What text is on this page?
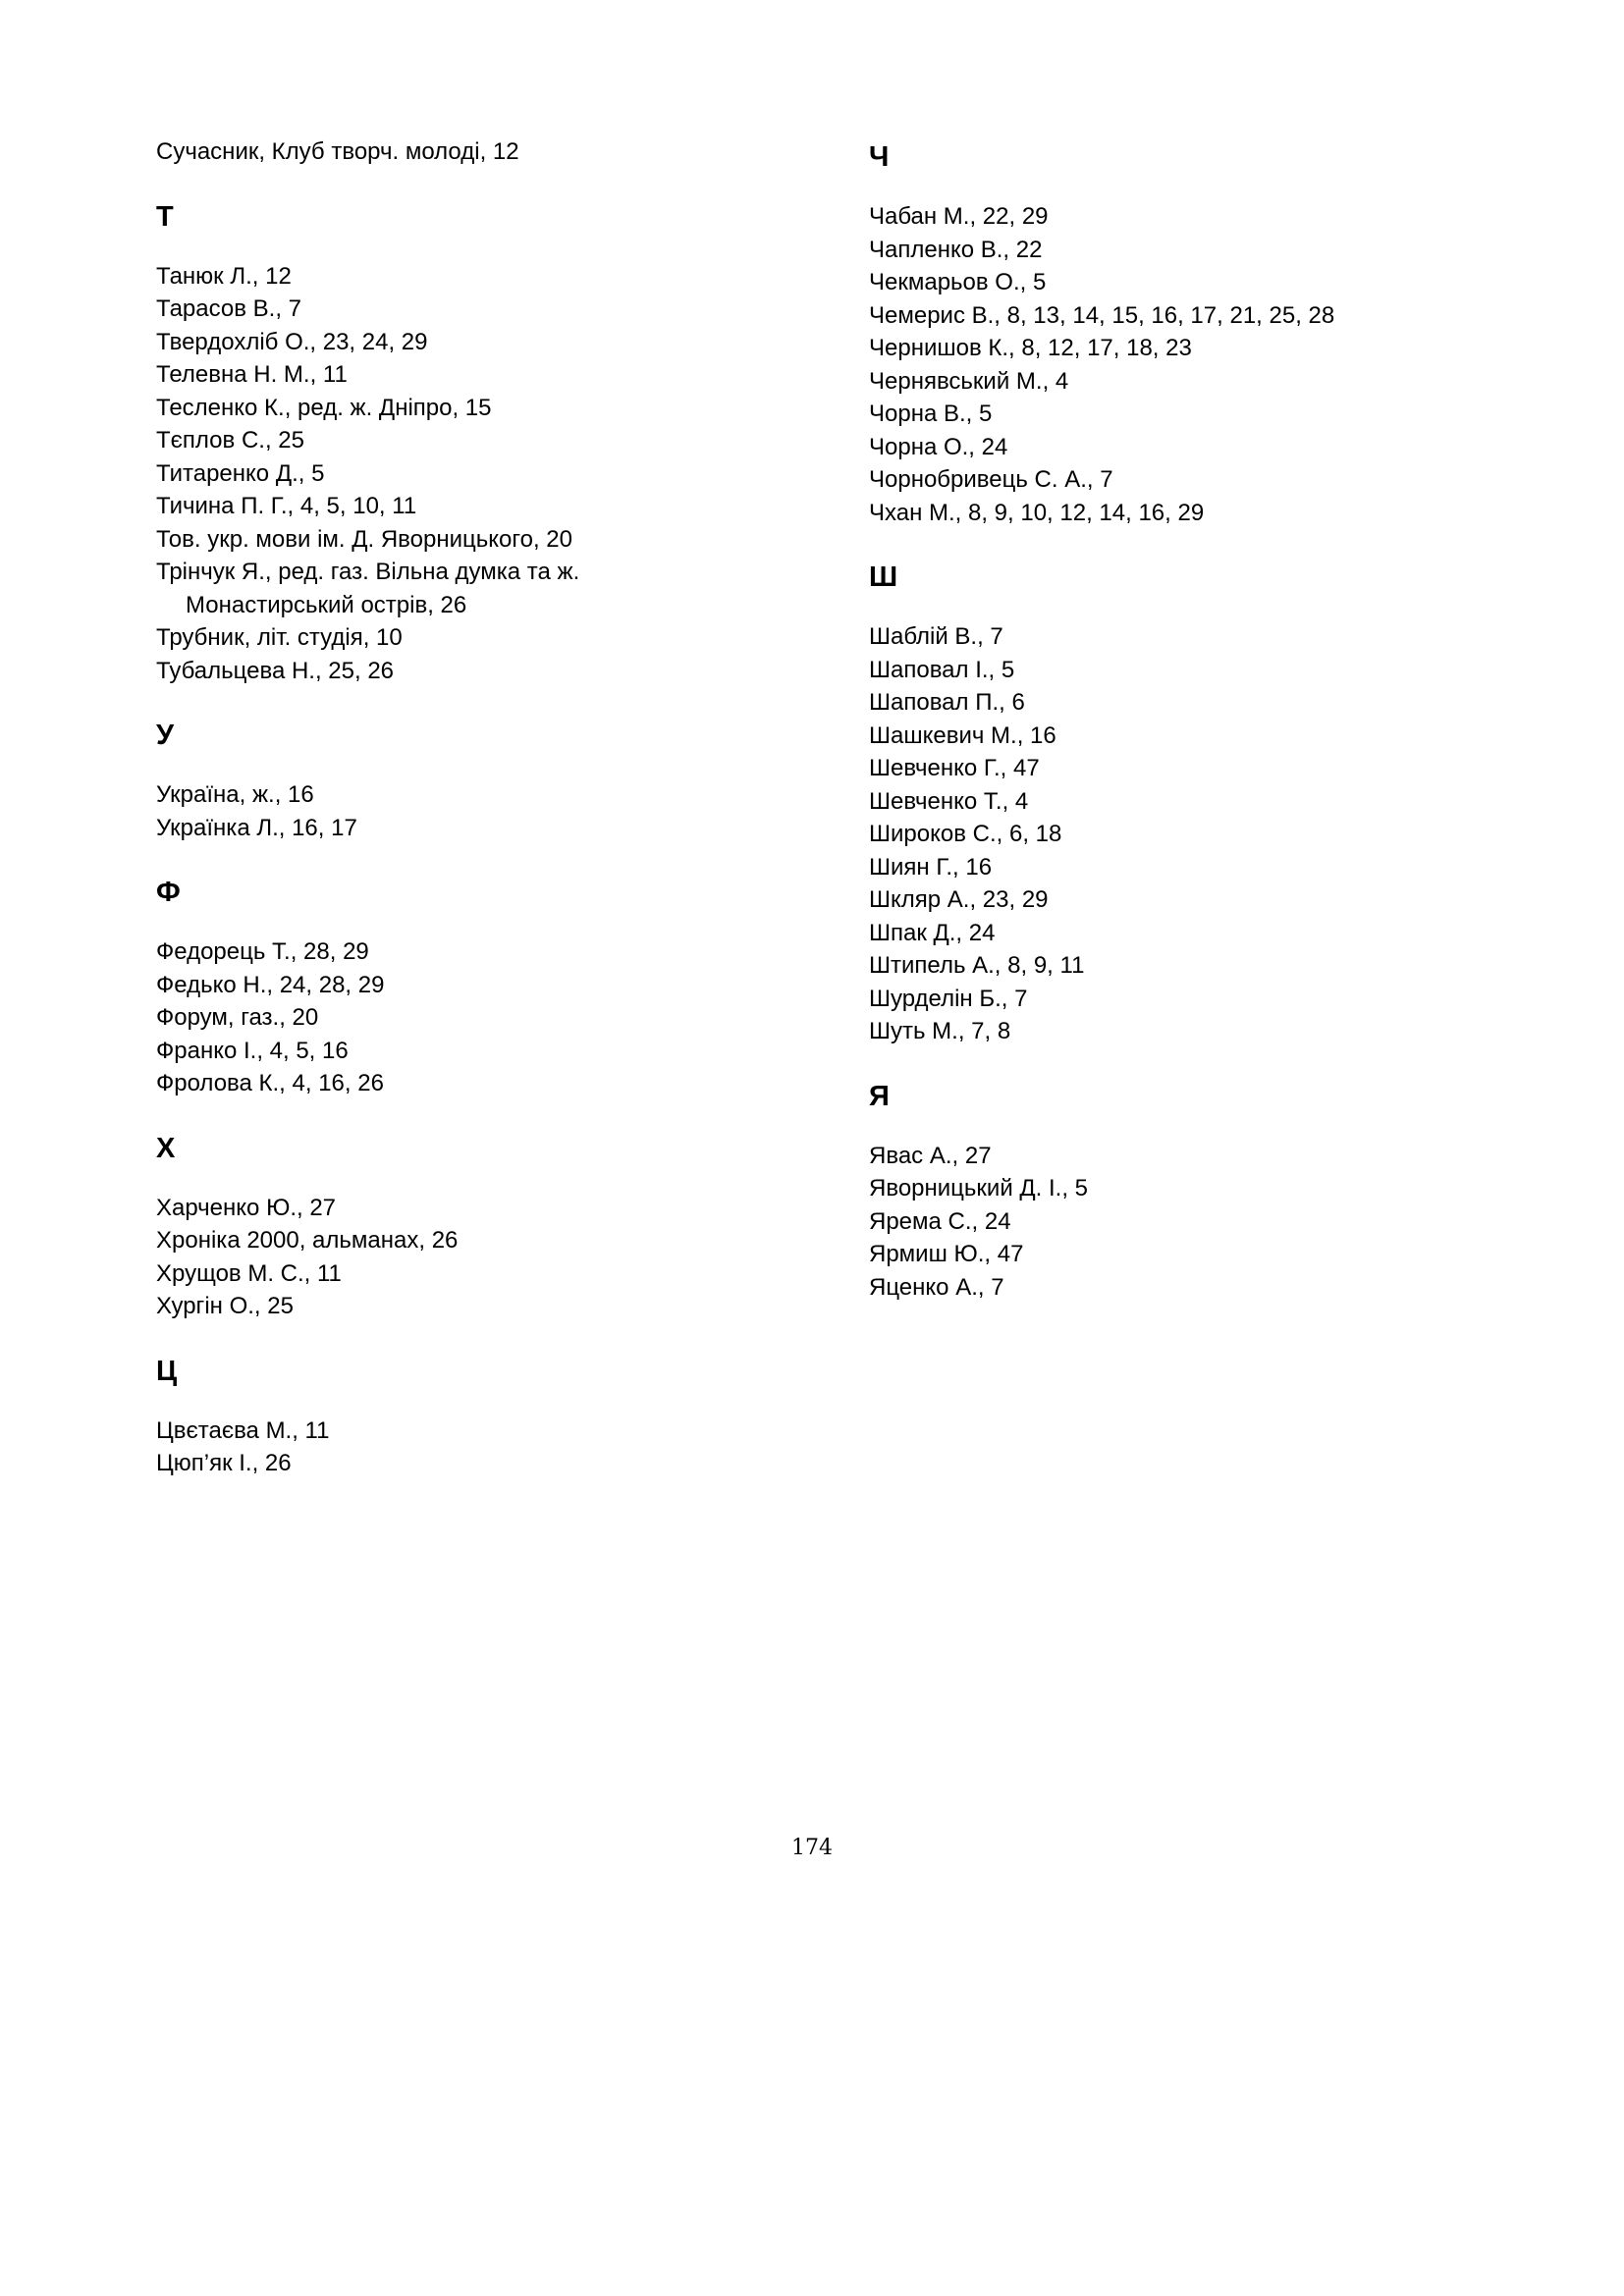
Сучасник, Клуб творч. молоді, 12
Т
Танюк Л., 12
Тарасов В., 7
Твердохліб О., 23, 24, 29
Телевна Н. М., 11
Тесленко К., ред. ж. Дніпро, 15
Тєплов С., 25
Титаренко Д., 5
Тичина П. Г., 4, 5, 10, 11
Тов. укр. мови ім. Д. Яворницького, 20
Трінчук Я., ред. газ. Вільна думка та ж. Монастирський острів, 26
Трубник, літ. студія, 10
Тубальцева Н., 25, 26
У
Україна, ж., 16
Українка Л., 16, 17
Ф
Федорець Т., 28, 29
Федько Н., 24, 28, 29
Форум, газ., 20
Франко І., 4, 5, 16
Фролова К., 4, 16, 26
Х
Харченко Ю., 27
Хроніка 2000, альманах, 26
Хрущов М. С., 11
Хургін О., 25
Ц
Цвєтаєва М., 11
Цюп’як І., 26
Ч
Чабан М., 22, 29
Чапленко В., 22
Чекмарьов О., 5
Чемерис В., 8, 13, 14, 15, 16, 17, 21, 25, 28
Чернишов К., 8, 12, 17, 18, 23
Чернявський М., 4
Чорна В., 5
Чорна О., 24
Чорнобривець С. А., 7
Чхан М., 8, 9, 10, 12, 14, 16, 29
Ш
Шаблій В., 7
Шаповал І., 5
Шаповал П., 6
Шашкевич М., 16
Шевченко Г., 47
Шевченко Т., 4
Широков С., 6, 18
Шиян Г., 16
Шкляр А., 23, 29
Шпак Д., 24
Штипель А., 8, 9, 11
Шурделін Б., 7
Шуть М., 7, 8
Я
Явас А., 27
Яворницький Д. І., 5
Ярема С., 24
Ярмиш Ю., 47
Яценко А., 7
174
